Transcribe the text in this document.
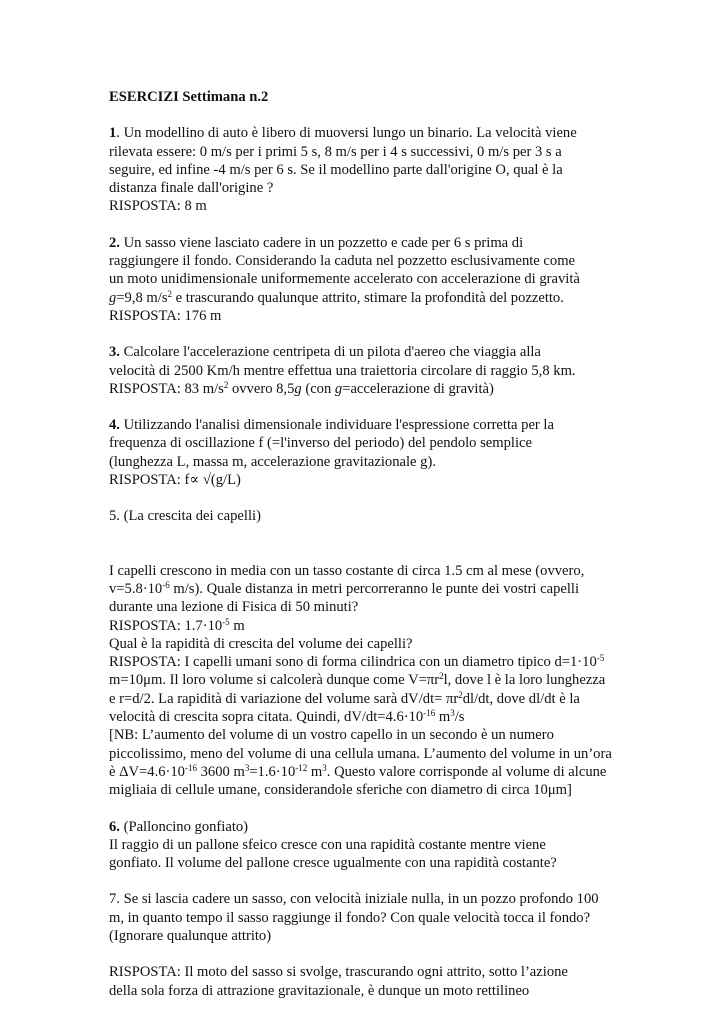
ESERCIZI Settimana n.2

1. Un modellino di auto è libero di muoversi lungo un binario. La velocità viene

rilevata essere: 0 m/s per i primi 5 s, 8 m/s per i 4 s successivi, 0 m/s per 3 s a

seguire, ed infine -4 m/s per 6 s. Se il modellino parte dall'origine O, qual è la

distanza finale dall'origine ?

RISPOSTA: 8 m

2. Un sasso viene lasciato cadere in un pozzetto e cade per 6 s prima di

raggiungere il fondo. Considerando la caduta nel pozzetto esclusivamente come

un moto unidimensionale uniformemente accelerato con accelerazione di gravità

g=9,8 $m/s^2$ e trascurando qualunque attrito, stimare la profondità del pozzetto.

RISPOSTA: 176 m

3. Calcolare l'accelerazione centripeta di un pilota d'aereo che viaggia alla

velocità di 2500 Km/h mentre effettua una traiettoria circolare di raggio 5,8 km.

RISPOSTA: 83 $m/s^2$ ovvero 8,5g (con g=accelerazione di gravità)

4. Utilizzando l'analisi dimensionale individuare l'espressione corretta per la

frequenza di oscillazione f (=l'inverso del periodo) del pendolo semplice

(lunghezza L, massa m, accelerazione gravitazionale g).

RISPOSTA: f∝ √(g/L)

5. (La crescita dei capelli)

I capelli crescono in media con un tasso costante di circa 1.5 cm al mese (ovvero,

$v=5.8\cdot 10^{-6}$ m/s). Quale distanza in metri percorreranno le punte dei vostri capelli

durante una lezione di Fisica di 50 minuti?

RISPOSTA: $1.7\cdot 10^{-5}$ m

Qual è la rapidità di crescita del volume dei capelli?

RISPOSTA: I capelli umani sono di forma cilindrica con un diametro tipico $d=1\cdot 10^{-5}$

m=10μm. Il loro volume si calcolerà dunque come $V=\pi r^2l$, dove l è la loro lunghezza

e r=d/2. La rapidità di variazione del volume sarà $dV/dt= \pi r^2dl/dt$, dove dl/dt è la

velocità di crescita sopra citata. Quindi, $dV/dt=4.6\cdot 10^{-16}$ $m^3/s$

[NB: L’aumento del volume di un vostro capello in un secondo è un numero

piccolissimo, meno del volume di una cellula umana. L’aumento del volume in un’ora

è $\Delta V=4.6\cdot 10^{-16}$ 3600 $m^3=1.6\cdot 10^{-12}$ $m^3$. Questo valore corrisponde al volume di alcune

migliaia di cellule umane, considerandole sferiche con diametro di circa 10μm]

6. (Palloncino gonfiato)

Il raggio di un pallone sfeico cresce con una rapidità costante mentre viene

gonfiato. Il volume del pallone cresce ugualmente con una rapidità costante?

7. Se si lascia cadere un sasso, con velocità iniziale nulla, in un pozzo profondo 100

m, in quanto tempo il sasso raggiunge il fondo? Con quale velocità tocca il fondo?

(Ignorare qualunque attrito)

RISPOSTA: Il moto del sasso si svolge, trascurando ogni attrito, sotto l’azione

della sola forza di attrazione gravitazionale, è dunque un moto rettilineo
